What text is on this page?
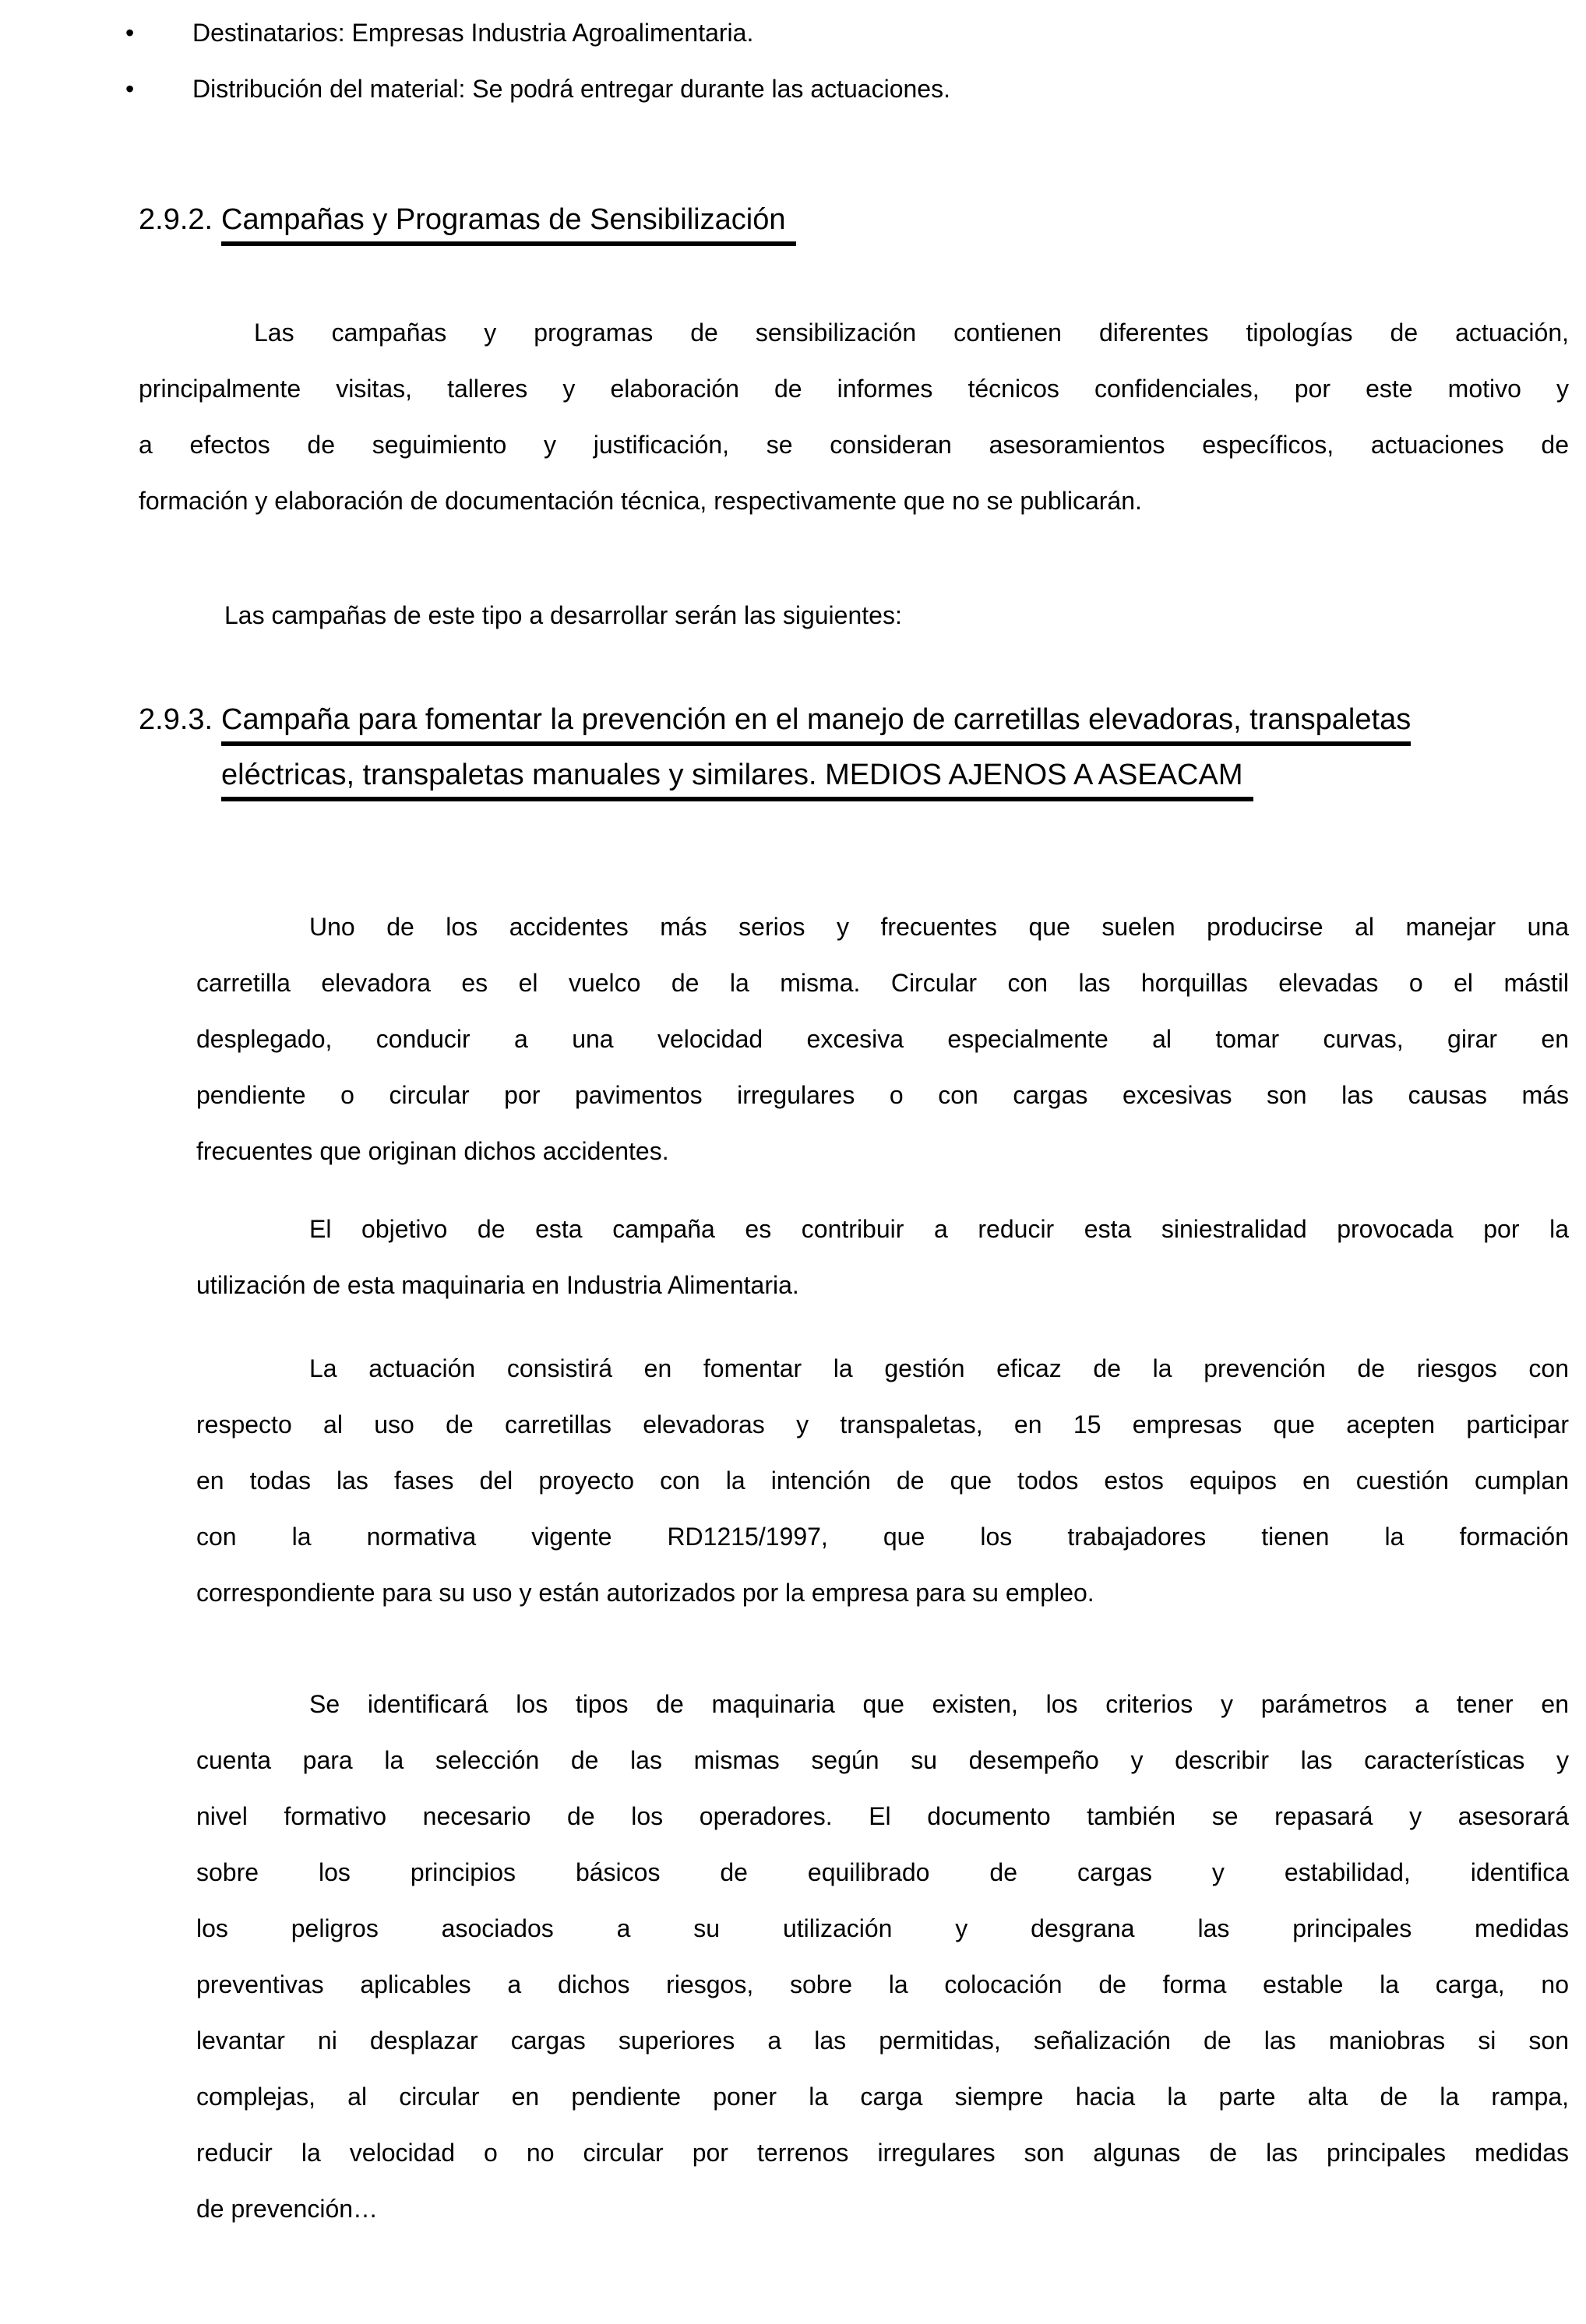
•	Destinatarios: Empresas Industria Agroalimentaria.
•	Distribución del material: Se podrá entregar durante las actuaciones.
2.9.2. Campañas y Programas de Sensibilización
Las campañas y programas de sensibilización contienen diferentes tipologías de actuación,
principalmente visitas, talleres y elaboración de informes técnicos confidenciales, por este motivo y
a efectos de seguimiento y justificación, se consideran asesoramientos específicos, actuaciones de
formación y elaboración de documentación técnica, respectivamente que no se publicarán.
Las campañas de este tipo a desarrollar serán las siguientes:
2.9.3. Campaña para fomentar la prevención en el manejo de carretillas elevadoras, transpaletas
eléctricas, transpaletas manuales y similares. MEDIOS AJENOS A ASEACAM
Uno de los accidentes más serios y frecuentes que suelen producirse al manejar una
carretilla elevadora es el vuelco de la misma. Circular con las horquillas elevadas o el mástil
desplegado, conducir a una velocidad excesiva especialmente al tomar curvas, girar en
pendiente o circular por pavimentos irregulares o con cargas excesivas son las causas más
frecuentes que originan dichos accidentes.
El objetivo de esta campaña es contribuir a reducir esta siniestralidad provocada por la
utilización de esta maquinaria en Industria Alimentaria.
La actuación consistirá en fomentar la gestión eficaz de la prevención de riesgos con
respecto al uso de carretillas elevadoras y transpaletas, en 15 empresas que acepten participar
en todas las fases del proyecto con la intención de que todos estos equipos en cuestión cumplan
con la normativa vigente RD1215/1997, que los trabajadores tienen la formación
correspondiente para su uso y están autorizados por la empresa para su empleo.
Se identificará los tipos de maquinaria que existen, los criterios y parámetros a tener en
cuenta para la selección de las mismas según su desempeño y describir las características y
nivel formativo necesario de los operadores. El documento también se repasará y asesorará
sobre los principios básicos de equilibrado de cargas y estabilidad, identifica
los peligros asociados a su utilización y desgrana las principales medidas
preventivas aplicables a dichos riesgos, sobre la colocación de forma estable la carga, no
levantar ni desplazar cargas superiores a las permitidas, señalización de las maniobras si son
complejas, al circular en pendiente poner la carga siempre hacia la parte alta de la rampa,
reducir la velocidad o no circular por terrenos irregulares son algunas de las principales medidas
de prevención…
